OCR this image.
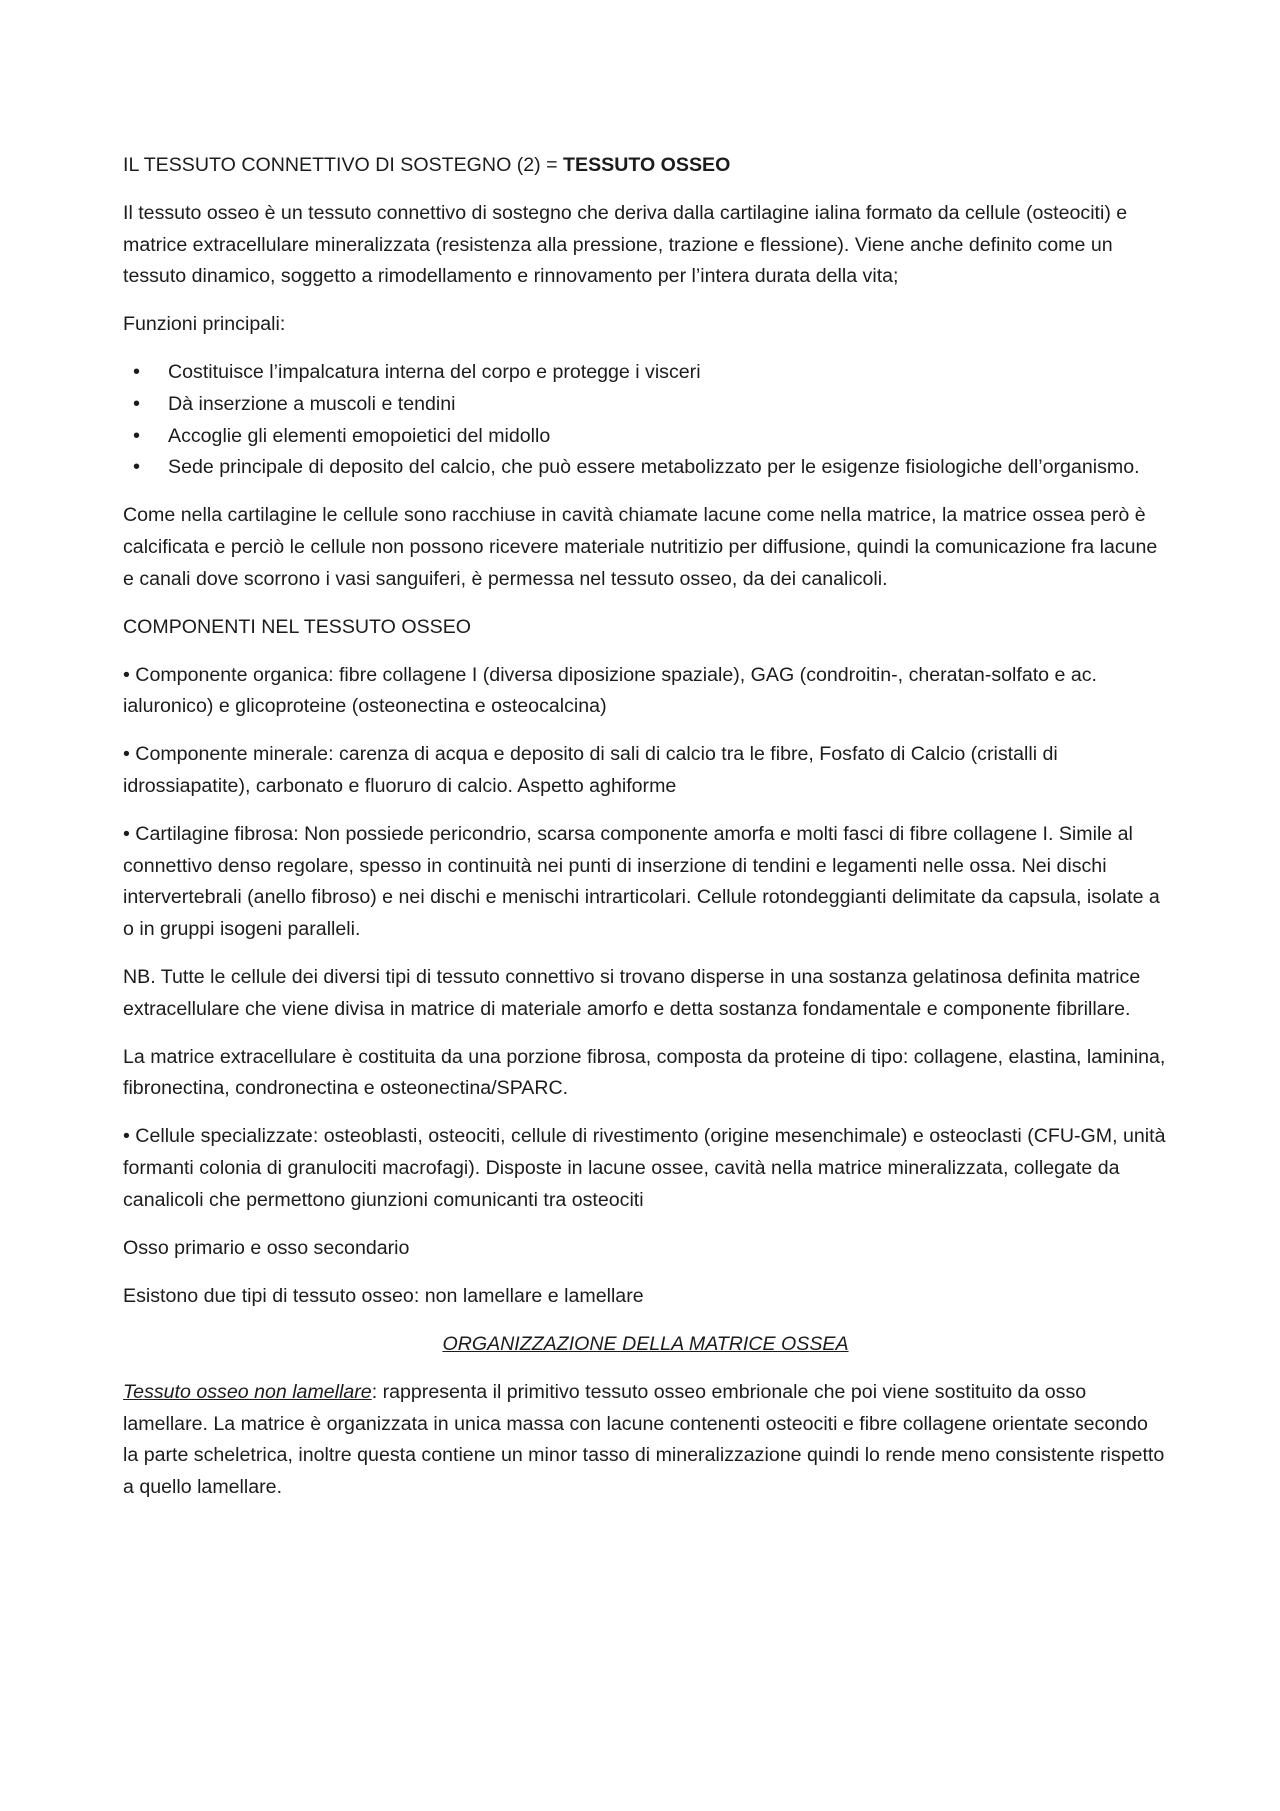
IL TESSUTO CONNETTIVO DI SOSTEGNO (2) = TESSUTO OSSEO

Il tessuto osseo è un tessuto connettivo di sostegno che deriva dalla cartilagine ialina formato da cellule (osteociti) e matrice extracellulare mineralizzata (resistenza alla pressione, trazione e flessione). Viene anche definito come un tessuto dinamico, soggetto a rimodellamento e rinnovamento per l’intera durata della vita;

Funzioni principali:

• Costituisce l’impalcatura interna del corpo e protegge i visceri
• Dà inserzione a muscoli e tendini
• Accoglie gli elementi emopoietici del midollo
• Sede principale di deposito del calcio, che può essere metabolizzato per le esigenze fisiologiche dell’organismo.

Come nella cartilagine le cellule sono racchiuse in cavità chiamate lacune come nella matrice, la matrice ossea però è calcificata e perciò le cellule non possono ricevere materiale nutritizio per diffusione, quindi la comunicazione fra lacune e canali dove scorrono i vasi sanguiferi, è permessa nel tessuto osseo, da dei canalicoli.

COMPONENTI NEL TESSUTO OSSEO

• Componente organica: fibre collagene I (diversa diposizione spaziale), GAG (condroitin-, cheratan-solfato e ac. ialuronico) e glicoproteine (osteonectina e osteocalcina)

• Componente minerale: carenza di acqua e deposito di sali di calcio tra le fibre, Fosfato di Calcio (cristalli di idrossiapatite), carbonato e fluoruro di calcio. Aspetto aghiforme

• Cartilagine fibrosa: Non possiede pericondrio, scarsa componente amorfa e molti fasci di fibre collagene I. Simile al connettivo denso regolare, spesso in continuità nei punti di inserzione di tendini e legamenti nelle ossa. Nei dischi intervertebrali (anello fibroso) e nei dischi e menischi intrarticolari. Cellule rotondeggianti delimitate da capsula, isolate a o in gruppi isogeni paralleli.

NB. Tutte le cellule dei diversi tipi di tessuto connettivo si trovano disperse in una sostanza gelatinosa definita matrice extracellulare che viene divisa in matrice di materiale amorfo e detta sostanza fondamentale e componente fibrillare.

La matrice extracellulare è costituita da una porzione fibrosa, composta da proteine di tipo: collagene, elastina, laminina, fibronectina, condronectina e osteonectina/SPARC.

• Cellule specializzate: osteoblasti, osteociti, cellule di rivestimento (origine mesenchimale) e osteoclasti (CFU-GM, unità formanti colonia di granulociti macrofagi). Disposte in lacune ossee, cavità nella matrice mineralizzata, collegate da canalicoli che permettono giunzioni comunicanti tra osteociti

Osso primario e osso secondario

Esistono due tipi di tessuto osseo: non lamellare e lamellare

ORGANIZZAZIONE DELLA MATRICE OSSEA

Tessuto osseo non lamellare: rappresenta il primitivo tessuto osseo embrionale che poi viene sostituito da osso lamellare. La matrice è organizzata in unica massa con lacune contenenti osteociti e fibre collagene orientate secondo la parte scheletrica, inoltre questa contiene un minor tasso di mineralizzazione quindi lo rende meno consistente rispetto a quello lamellare.
